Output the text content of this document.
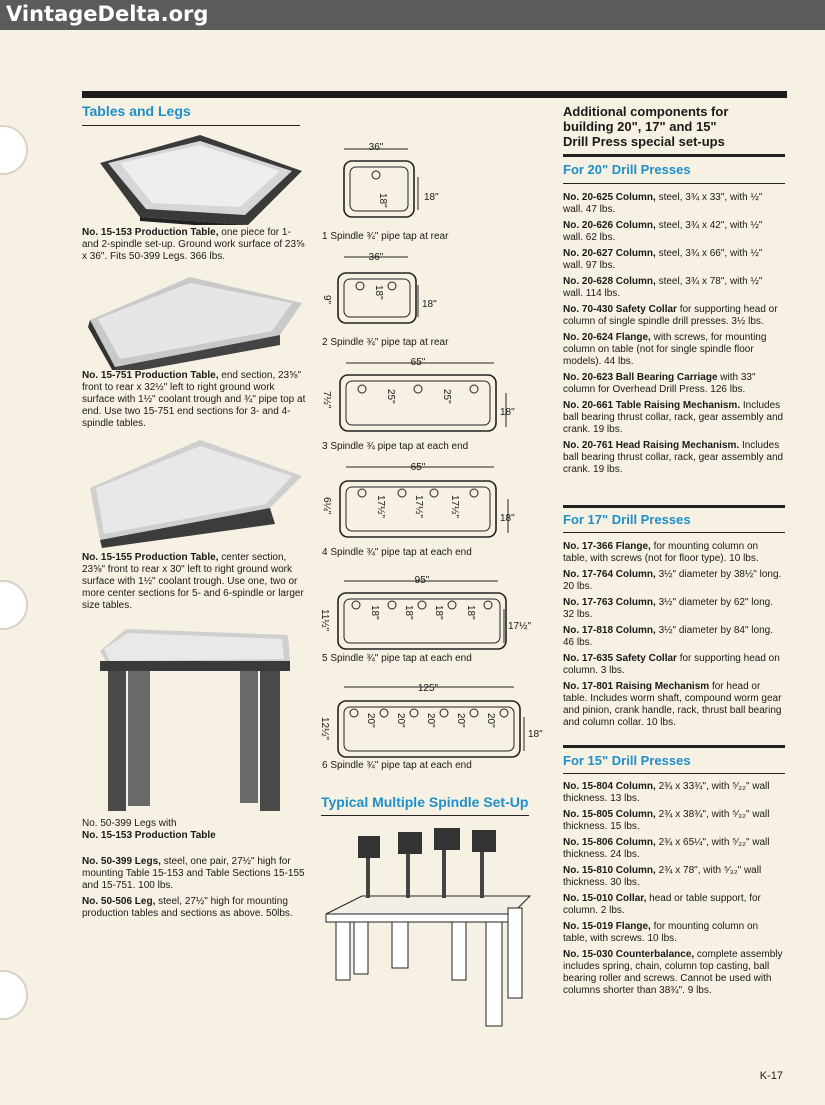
VintageDelta.org
Tables and Legs
No. 15-153 Production Table, one piece for 1- and 2-spindle set-up. Ground work surface of 23⅝ x 36". Fits 50-399 Legs. 366 lbs.
No. 15-751 Production Table, end section, 23⅝" front to rear x 32½" left to right ground work surface with 1½" coolant trough and ¾" pipe top at end. Use two 15-751 end sections for 3- and 4-spindle tables.
No. 15-155 Production Table, center section, 23⅝" front to rear x 30" left to right ground work surface with 1½" coolant trough. Use one, two or more center sections for 5- and 6-spindle or larger size tables.
No. 50-399 Legs with
No. 15-153 Production Table
No. 50-399 Legs, steel, one pair, 27½" high for mounting Table 15-153 and Table Sections 15-155 and 15-751. 100 lbs.
No. 50-506 Leg, steel, 27½" high for mounting production tables and sections as above. 50lbs.
36"
18"
18"
1 Spindle ¾" pipe tap at rear
36"
18"
9"	18"
2 Spindle ¾" pipe tap at rear
65"
25"	25"
7½"
18"
3 Spindle ¾ pipe tap at each end
65"
17½"	17½"	17½"
6¼"
18"
4 Spindle ¾" pipe tap at each end
95"
18" 18" 18" 18"
11½"	17½"
5 Spindle ¾" pipe tap at each end
125"
20" 20" 20" 20" 20"
12½"	18"
6 Spindle ¾" pipe tap at each end
Typical Multiple Spindle Set-Up
Additional components for
building 20", 17" and 15"
Drill Press special set-ups
For 20" Drill Presses
No. 20-625 Column, steel, 3¾ x 33", with ½" wall. 47 lbs.
No. 20-626 Column, steel, 3¾ x 42", with ½" wall. 62 lbs.
No. 20-627 Column, steel, 3¾ x 66", with ½" wall. 97 lbs.
No. 20-628 Column, steel, 3¾ x 78", with ½" wall. 114 lbs.
No. 70-430 Safety Collar for supporting head or column of single spindle drill presses. 3½ lbs.
No. 20-624 Flange, with screws, for mounting column on table (not for single spindle floor models). 44 lbs.
No. 20-623 Ball Bearing Carriage with 33" column for Overhead Drill Press. 126 lbs.
No. 20-661 Table Raising Mechanism. Includes ball bearing thrust collar, rack, gear assembly and crank. 19 lbs.
No. 20-761 Head Raising Mechanism. Includes ball bearing thrust collar, rack, gear assembly and crank. 19 lbs.
For 17" Drill Presses
No. 17-366 Flange, for mounting column on table, with screws (not for floor type). 10 lbs.
No. 17-764 Column, 3½" diameter by 38½" long. 20 lbs.
No. 17-763 Column, 3½" diameter by 62" long. 32 lbs.
No. 17-818 Column, 3½" diameter by 84" long. 46 lbs.
No. 17-635 Safety Collar for supporting head on column. 3 lbs.
No. 17-801 Raising Mechanism for head or table. Includes worm shaft, compound worm gear and pinion, crank handle, rack, thrust ball bearing and column collar. 10 lbs.
For 15" Drill Presses
No. 15-804 Column, 2¾ x 33¾", with ⁵⁄₃₂" wall thickness. 13 lbs.
No. 15-805 Column, 2¾ x 38¾", with ⁵⁄₃₂" wall thickness. 15 lbs.
No. 15-806 Column, 2¾ x 65¼", with ⁵⁄₃₂" wall thickness. 24 lbs.
No. 15-810 Column, 2¾ x 78", with ⁵⁄₃₂" wall thickness. 30 lbs.
No. 15-010 Collar, head or table support, for column. 2 lbs.
No. 15-019 Flange, for mounting column on table, with screws. 10 lbs.
No. 15-030 Counterbalance, complete assembly includes spring, chain, column top casting, ball bearing roller and screws. Cannot be used with columns shorter than 38¾". 9 lbs.
K-17
